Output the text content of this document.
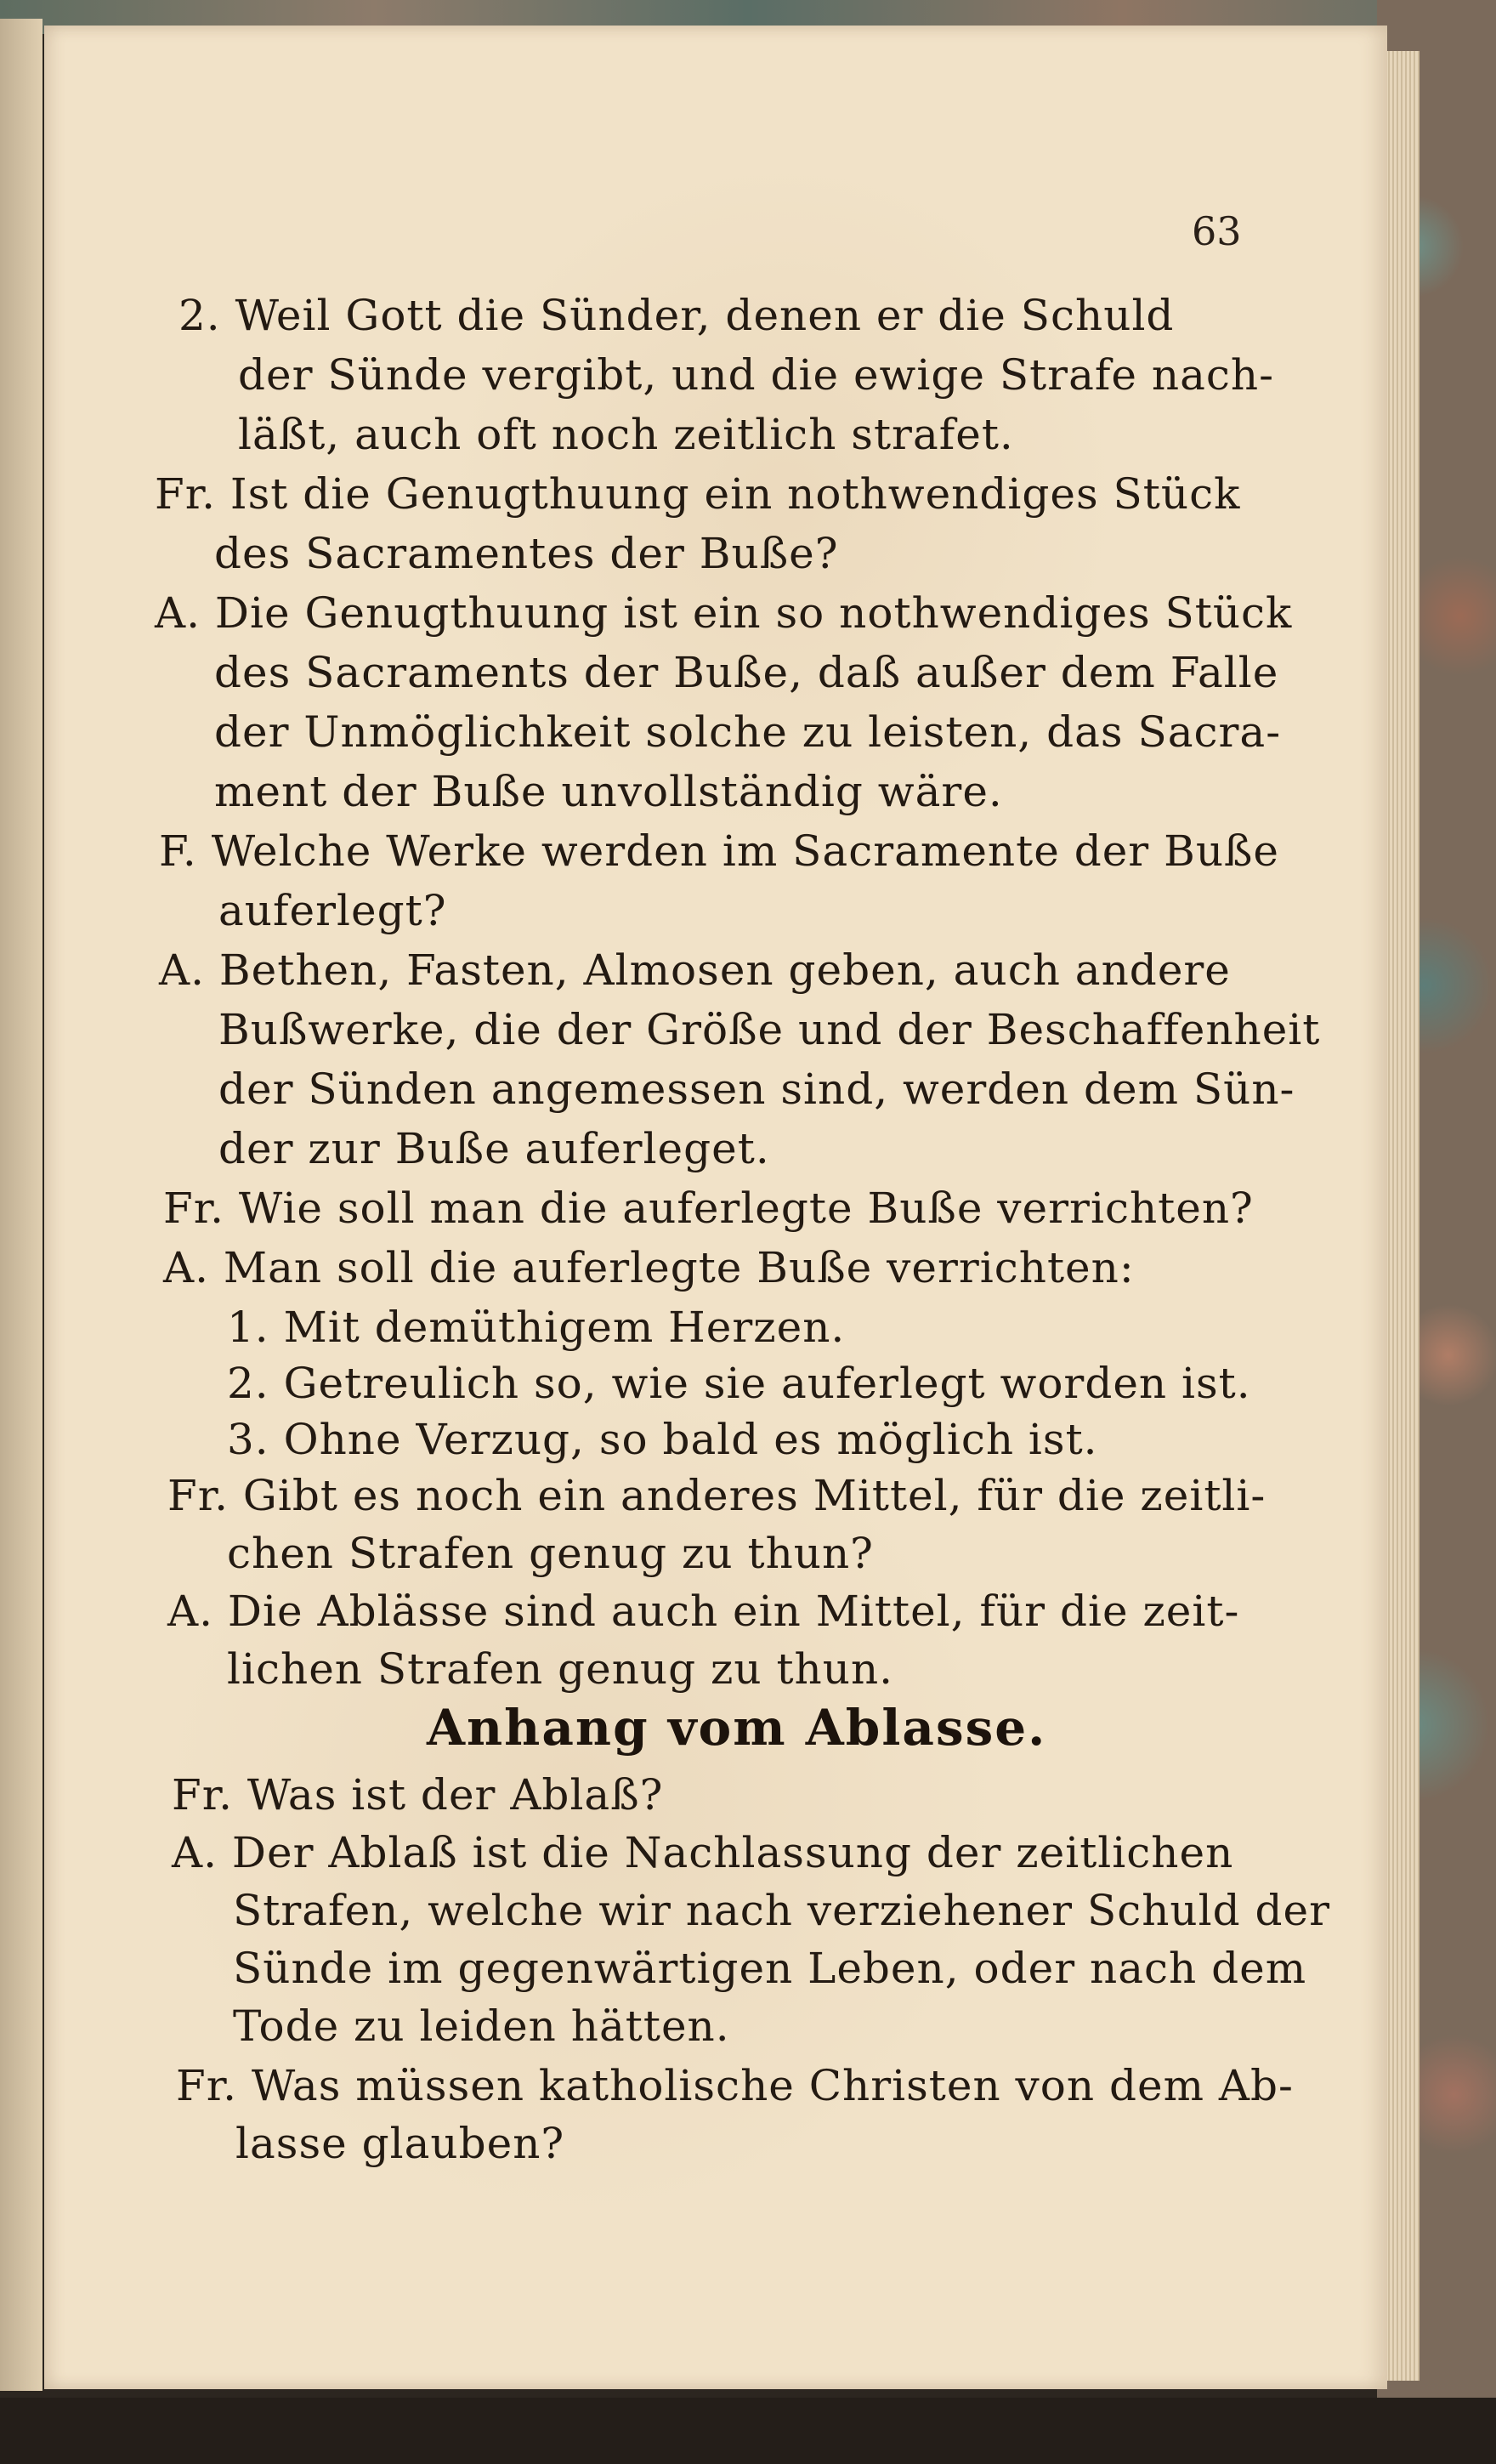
63
2. Weil Gott die Sünder, denen er die Schuld
der Sünde vergibt, und die ewige Strafe nach-
läßt, auch oft noch zeitlich strafet.
Fr. Ist die Genugthuung ein nothwendiges Stück
des Sacramentes der Buße?
A. Die Genugthuung ist ein so nothwendiges Stück
des Sacraments der Buße, daß außer dem Falle
der Unmöglichkeit solche zu leisten, das Sacra-
ment der Buße unvollständig wäre.
F. Welche Werke werden im Sacramente der Buße
auferlegt?
A. Bethen, Fasten, Almosen geben, auch andere
Bußwerke, die der Größe und der Beschaffenheit
der Sünden angemessen sind, werden dem Sün-
der zur Buße auferleget.
Fr. Wie soll man die auferlegte Buße verrichten?
A. Man soll die auferlegte Buße verrichten:
1. Mit demüthigem Herzen.
2. Getreulich so, wie sie auferlegt worden ist.
3. Ohne Verzug, so bald es möglich ist.
Fr. Gibt es noch ein anderes Mittel, für die zeitli-
chen Strafen genug zu thun?
A. Die Ablässe sind auch ein Mittel, für die zeit-
lichen Strafen genug zu thun.
Anhang vom Ablasse.
Fr. Was ist der Ablaß?
A. Der Ablaß ist die Nachlassung der zeitlichen
Strafen, welche wir nach verziehener Schuld der
Sünde im gegenwärtigen Leben, oder nach dem
Tode zu leiden hätten.
Fr. Was müssen katholische Christen von dem Ab-
lasse glauben?
